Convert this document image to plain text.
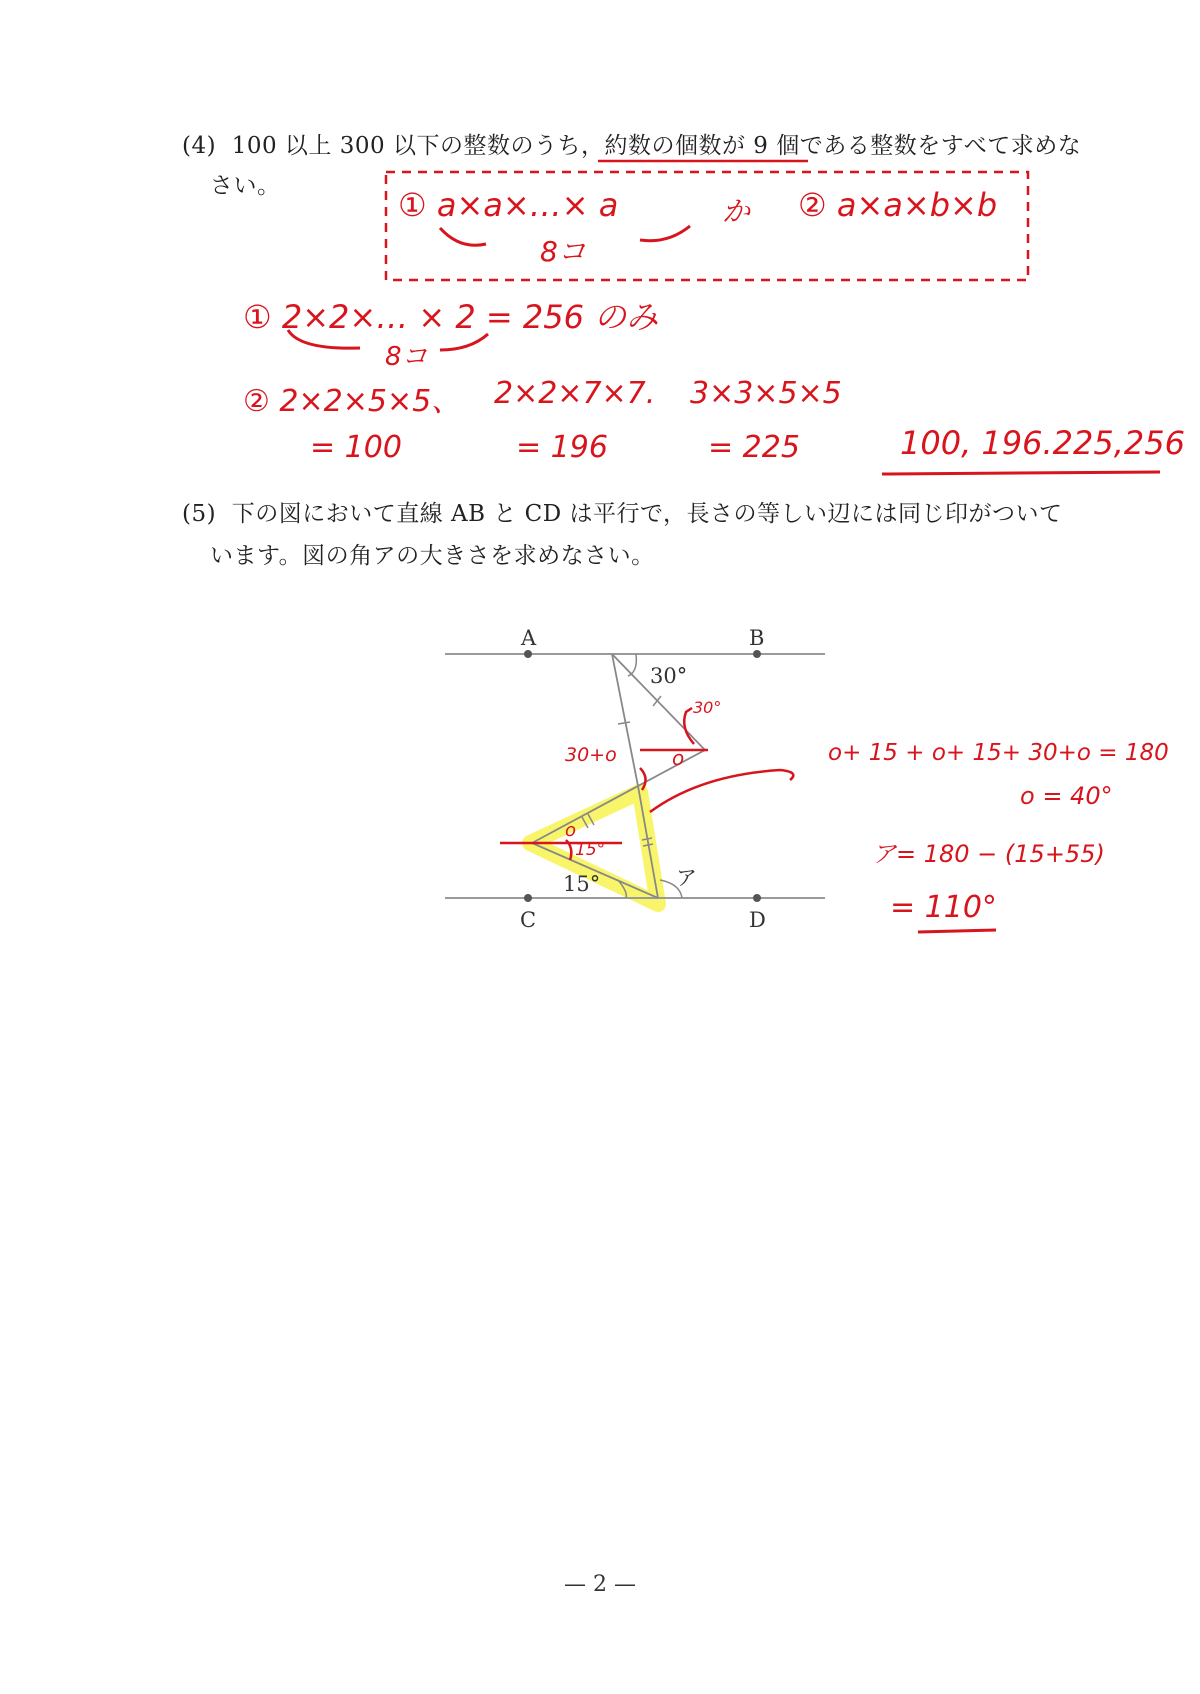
(4) 100 以上 300 以下の整数のうち，約数の個数が 9 個である整数をすべて求めな
さい。	① a×a×…× a
8コ
か ② a×a×b×b
① 2×2×… × 2 = 256 のみ
8コ
② 2×2×5×5、 2×2×7×7. 3×3×5×5
= 100	= 196	= 225	100, 196.225,256
(5) 下の図において直線 AB と CD は平行で，長さの等しい辺には同じ印がついて
います。図の角アの大きさを求めなさい。
A	B
C	D
30°
15°	ア
30°
o
30+o
o
15°
o+ 15 + o+ 15+ 30+o = 180
o = 40°
ア= 180 − (15+55)
= 110°
— 2 —
